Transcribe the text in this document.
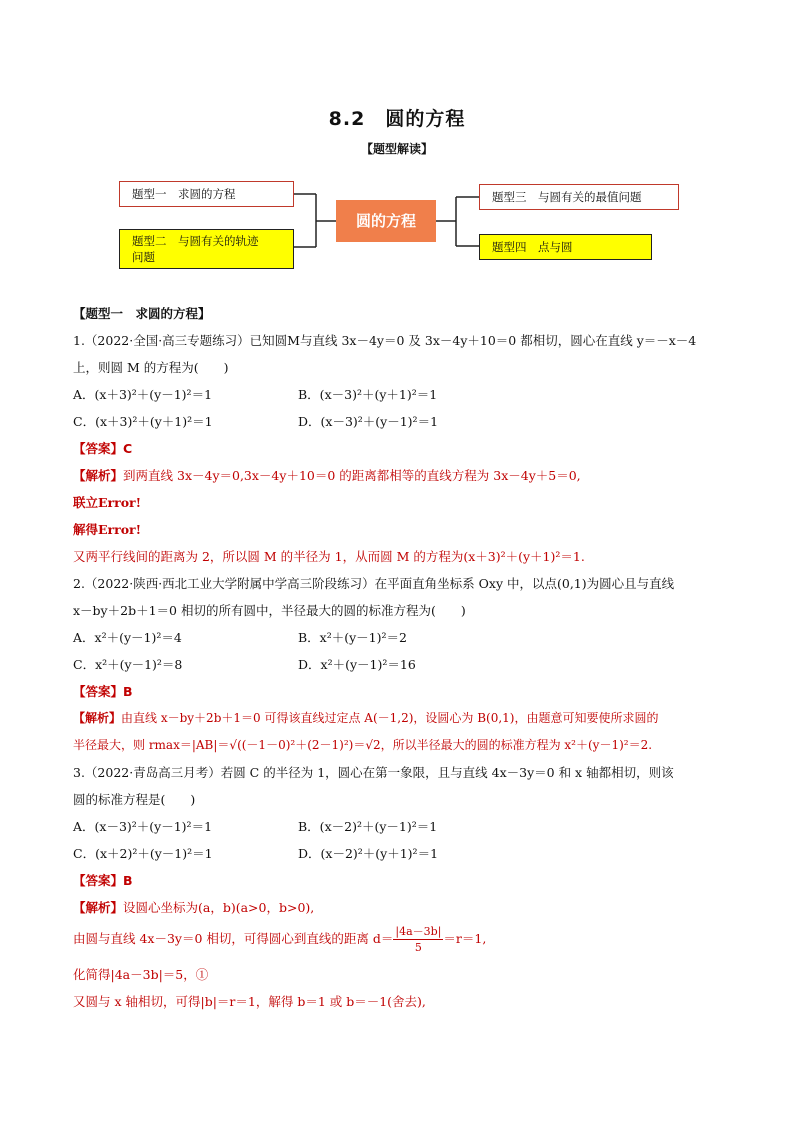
8.2　圆的方程
【题型解读】
题型一　求圆的方程
题型二　与圆有关的轨迹
问题
圆的方程
题型三　与圆有关的最值问题
题型四　点与圆
【题型一　求圆的方程】
1.（2022·全国·高三专题练习）已知圆M与直线 3x－4y＝0 及 3x－4y＋10＝0 都相切，圆心在直线 y＝－x－4
上，则圆 M 的方程为(　　)
A．(x＋3)²＋(y－1)²＝1	B．(x－3)²＋(y＋1)²＝1
C．(x＋3)²＋(y＋1)²＝1	D．(x－3)²＋(y－1)²＝1
【答案】C
【解析】到两直线 3x－4y＝0,3x－4y＋10＝0 的距离都相等的直线方程为 3x－4y＋5＝0,
联立Error!
解得Error!
又两平行线间的距离为 2，所以圆 M 的半径为 1，从而圆 M 的方程为(x＋3)²＋(y＋1)²＝1.
2.（2022·陕西·西北工业大学附属中学高三阶段练习）在平面直角坐标系 Oxy 中，以点(0,1)为圆心且与直线
x－by＋2b＋1＝0 相切的所有圆中，半径最大的圆的标准方程为(　　)
A．x²＋(y－1)²＝4	B．x²＋(y－1)²＝2
C．x²＋(y－1)²＝8	D．x²＋(y－1)²＝16
【答案】B
【解析】由直线 x－by＋2b＋1＝0 可得该直线过定点 A(－1,2)，设圆心为 B(0,1)，由题意可知要使所求圆的
半径最大，则 rmax＝|AB|＝√((－1－0)²＋(2－1)²)＝√2，所以半径最大的圆的标准方程为 x²＋(y－1)²＝2.
3.（2022·青岛高三月考）若圆 C 的半径为 1，圆心在第一象限，且与直线 4x－3y＝0 和 x 轴都相切，则该
圆的标准方程是(　　)
A．(x－3)²＋(y－1)²＝1	B．(x－2)²＋(y－1)²＝1
C．(x＋2)²＋(y－1)²＝1	D．(x－2)²＋(y＋1)²＝1
【答案】B
【解析】设圆心坐标为(a，b)(a>0，b>0),
由圆与直线 4x－3y＝0 相切，可得圆心到直线的距离 $d= \frac{|4a-3b|}{5} =r=1$,
化简得|4a－3b|＝5，①
又圆与 x 轴相切，可得|b|＝r＝1，解得 b＝1 或 b＝－1(舍去),
